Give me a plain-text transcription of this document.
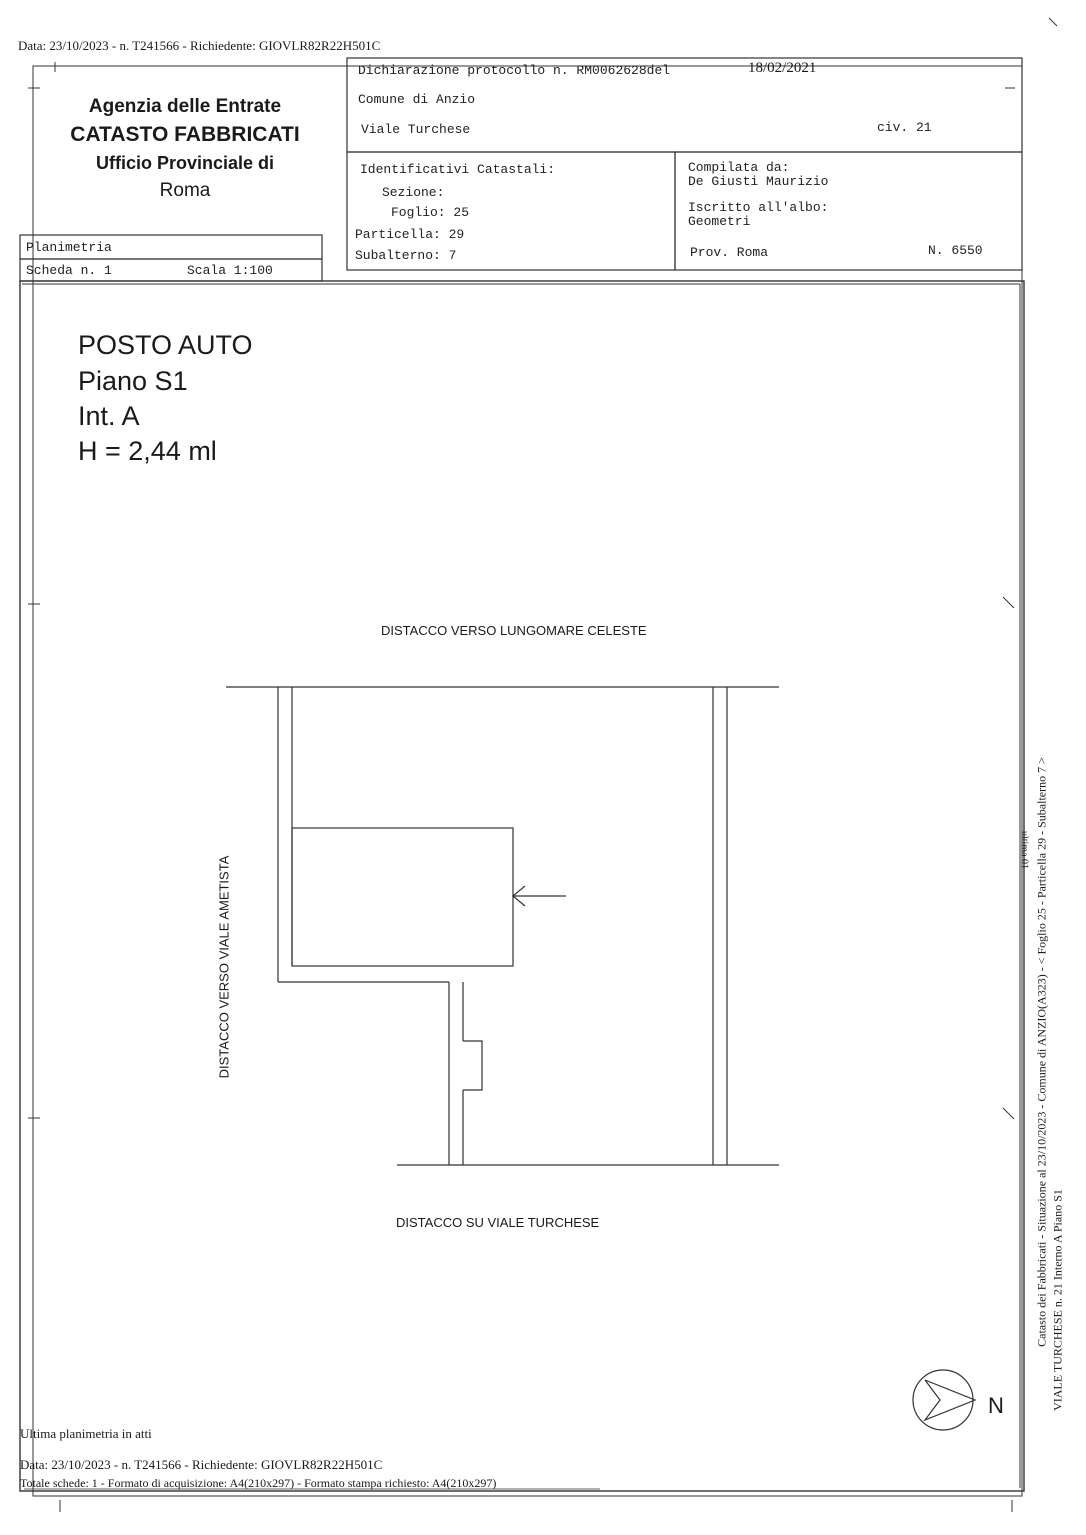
Data: 23/10/2023 - n. T241566 - Richiedente: GIOVLR82R22H501C
Agenzia delle Entrate
CATASTO FABBRICATI
Ufficio Provinciale di
Roma
Dichiarazione protocollo n. RM0062628del	18/02/2021
Comune di Anzio
Viale Turchese	civ. 21
Identificativi Catastali:
Sezione:
Foglio: 25
Particella: 29
Subalterno: 7
Compilata da:
De Giusti Maurizio
Iscritto all'albo:
Geometri
Prov. Roma	N. 6550
Planimetria
Scheda n. 1	Scala 1:100
POSTO AUTO
Piano S1
Int. A
H = 2,44 ml
DISTACCO VERSO LUNGOMARE CELESTE
DISTACCO SU VIALE TURCHESE
DISTACCO VERSO VIALE AMETISTA
N
Catasto dei Fabbricati - Situazione al 23/10/2023 - Comune di ANZIO(A323) - < Foglio 25 - Particella 29 - Subalterno 7 > VIALE TURCHESE n. 21 Interno A Piano S1
ultima 01
Ultima planimetria in atti
Data: 23/10/2023 - n. T241566 - Richiedente: GIOVLR82R22H501C
Totale schede: 1 - Formato di acquisizione: A4(210x297) - Formato stampa richiesto: A4(210x297)
